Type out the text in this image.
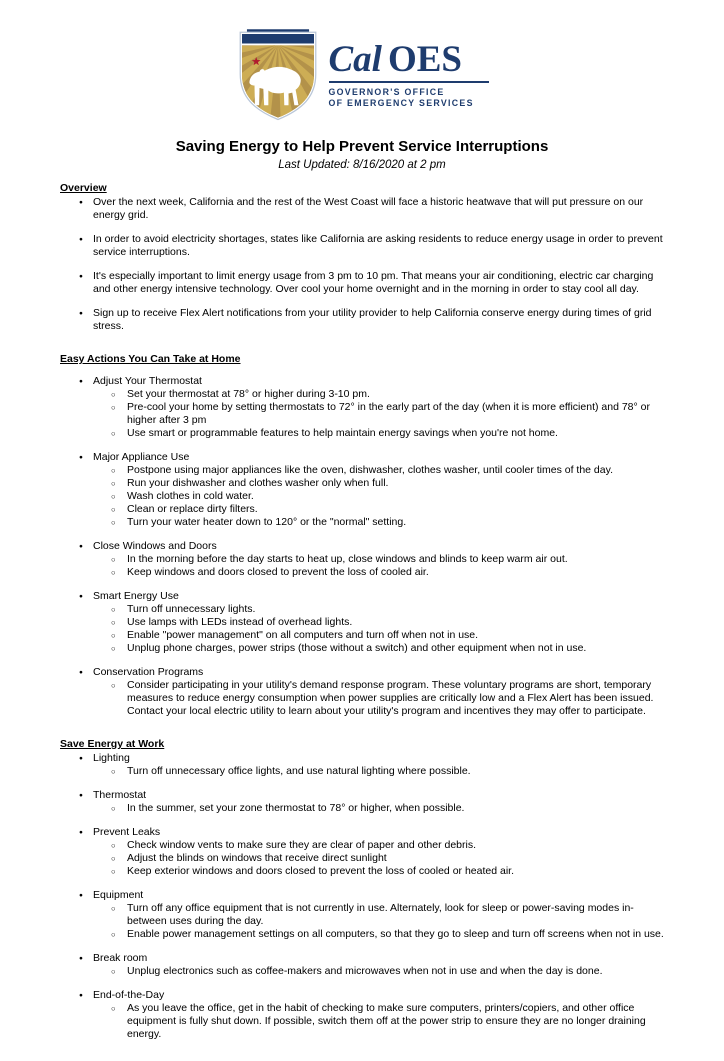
Cal OES
GOVERNOR'S OFFICE
OF EMERGENCY SERVICES
Saving Energy to Help Prevent Service Interruptions
Last Updated: 8/16/2020 at 2 pm
Overview
● Over the next week, California and the rest of the West Coast will face a historic heatwave that will put pressure on our energy grid.
● In order to avoid electricity shortages, states like California are asking residents to reduce energy usage in order to prevent service interruptions.
● It's especially important to limit energy usage from 3 pm to 10 pm. That means your air conditioning, electric car charging and other energy intensive technology. Over cool your home overnight and in the morning in order to stay cool all day.
● Sign up to receive Flex Alert notifications from your utility provider to help California conserve energy during times of grid stress.
Easy Actions You Can Take at Home
● Adjust Your Thermostat
○	Set your thermostat at 78° or higher during 3-10 pm.
○	Pre-cool your home by setting thermostats to 72° in the early part of the day (when it is more efficient) and 78° or higher after 3 pm
○	Use smart or programmable features to help maintain energy savings when you're not home.
● Major Appliance Use
○	Postpone using major appliances like the oven, dishwasher, clothes washer, until cooler times of the day.
○	Run your dishwasher and clothes washer only when full.
○	Wash clothes in cold water.
○	Clean or replace dirty filters.
○	Turn your water heater down to 120° or the "normal" setting.
● Close Windows and Doors
○	In the morning before the day starts to heat up, close windows and blinds to keep warm air out.
○	Keep windows and doors closed to prevent the loss of cooled air.
● Smart Energy Use
○	Turn off unnecessary lights.
○	Use lamps with LEDs instead of overhead lights.
○	Enable "power management" on all computers and turn off when not in use.
○	Unplug phone charges, power strips (those without a switch) and other equipment when not in use.
● Conservation Programs
○	Consider participating in your utility's demand response program. These voluntary programs are short, temporary measures to reduce energy consumption when power supplies are critically low and a Flex Alert has been issued. Contact your local electric utility to learn about your utility's program and incentives they may offer to participate.
Save Energy at Work
● Lighting
○	Turn off unnecessary office lights, and use natural lighting where possible.
● Thermostat
○	In the summer, set your zone thermostat to 78° or higher, when possible.
● Prevent Leaks
○	Check window vents to make sure they are clear of paper and other debris.
○	Adjust the blinds on windows that receive direct sunlight
○	Keep exterior windows and doors closed to prevent the loss of cooled or heated air.
● Equipment
○	Turn off any office equipment that is not currently in use. Alternately, look for sleep or power-saving modes in-between uses during the day.
○	Enable power management settings on all computers, so that they go to sleep and turn off screens when not in use.
● Break room
○	Unplug electronics such as coffee-makers and microwaves when not in use and when the day is done.
● End-of-the-Day
○	As you leave the office, get in the habit of checking to make sure computers, printers/copiers, and other office equipment is fully shut down. If possible, switch them off at the power strip to ensure they are no longer draining energy.
